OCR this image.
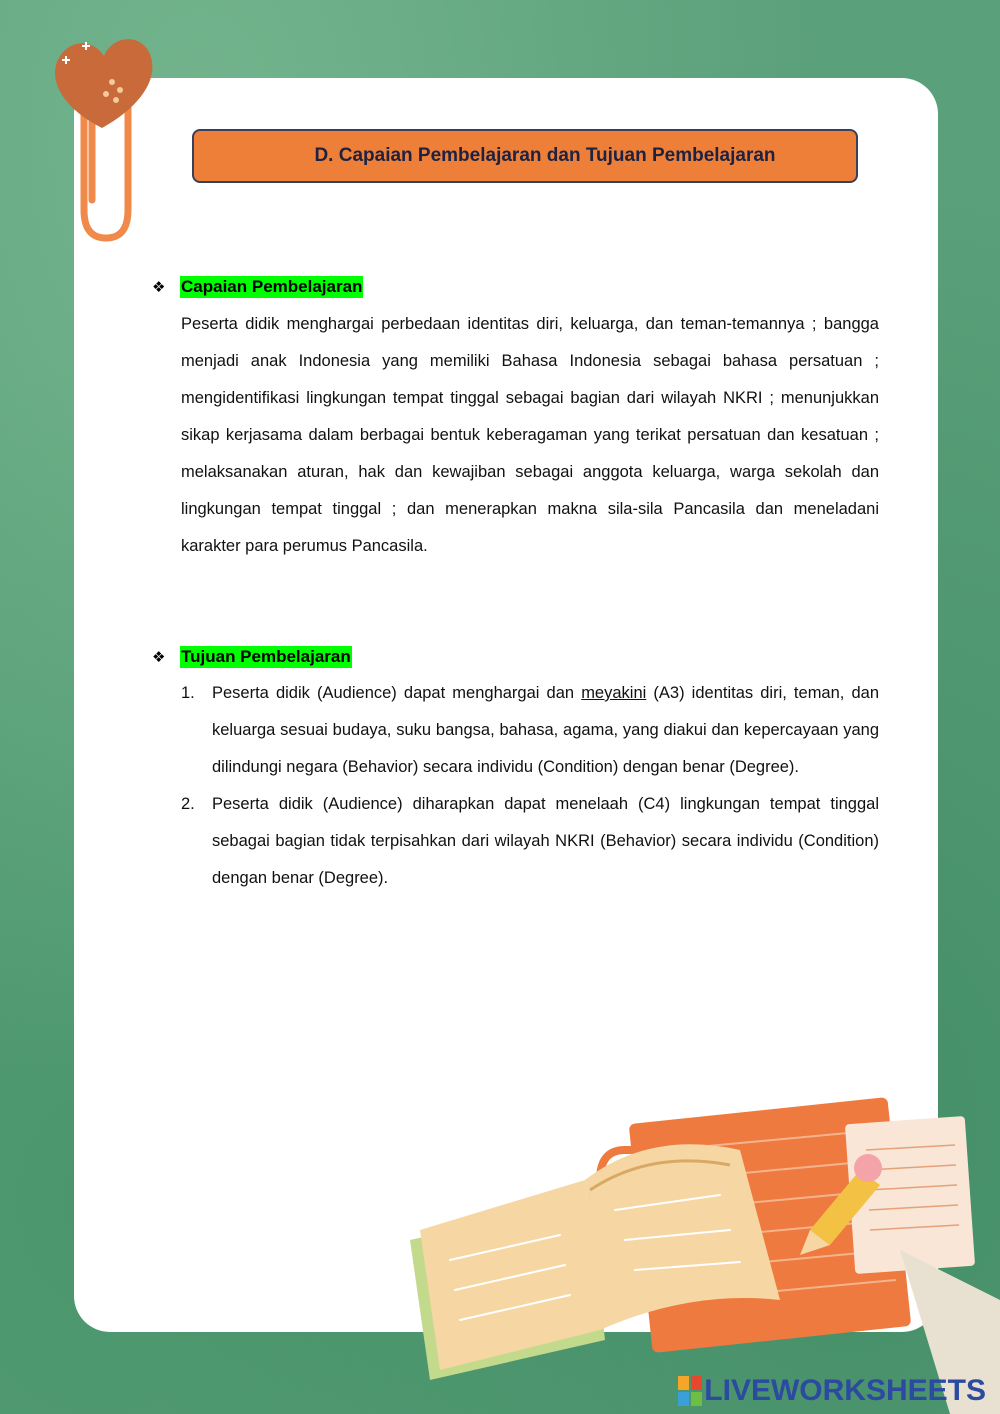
D. Capaian Pembelajaran dan Tujuan Pembelajaran
❖ Capaian Pembelajaran

Peserta didik menghargai perbedaan identitas diri, keluarga, dan teman-temannya ; bangga menjadi anak Indonesia yang memiliki Bahasa Indonesia sebagai bahasa persatuan ; mengidentifikasi lingkungan tempat tinggal sebagai bagian dari wilayah NKRI ; menunjukkan sikap kerjasama dalam berbagai bentuk keberagaman yang terikat persatuan dan kesatuan ; melaksanakan aturan, hak dan kewajiban sebagai anggota keluarga, warga sekolah dan lingkungan tempat tinggal ; dan menerapkan makna sila-sila Pancasila dan meneladani karakter para perumus Pancasila.

❖ Tujuan Pembelajaran
1. Peserta didik (Audience) dapat menghargai dan meyakini (A3) identitas diri, teman, dan keluarga sesuai budaya, suku bangsa, bahasa, agama, yang diakui dan kepercayaan yang dilindungi negara (Behavior) secara individu (Condition) dengan benar (Degree).
2. Peserta didik (Audience) diharapkan dapat menelaah (C4) lingkungan tempat tinggal sebagai bagian tidak terpisahkan dari wilayah NKRI (Behavior) secara individu (Condition) dengan benar (Degree).
LIVEWORKSHEETS
